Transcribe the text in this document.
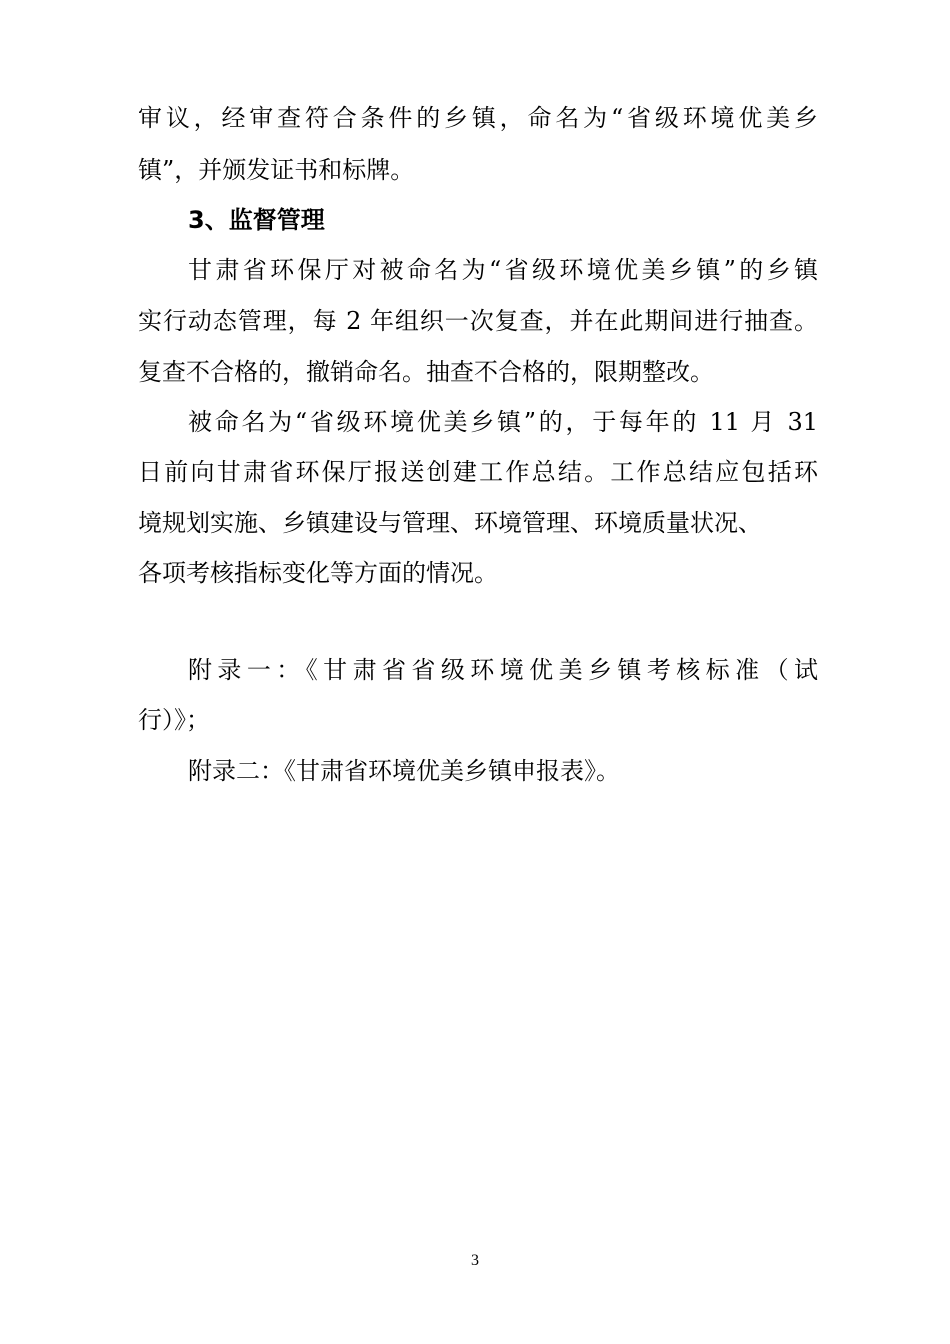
审议，经审查符合条件的乡镇，命名为“省级环境优美乡
镇”，并颁发证书和标牌。
3、监督管理
甘肃省环保厅对被命名为“省级环境优美乡镇”的乡镇
实行动态管理，每 2 年组织一次复查，并在此期间进行抽查。
复查不合格的，撤销命名。抽查不合格的，限期整改。
被命名为“省级环境优美乡镇”的，于每年的 11 月 31
日前向甘肃省环保厅报送创建工作总结。工作总结应包括环
境规划实施、乡镇建设与管理、环境管理、环境质量状况、
各项考核指标变化等方面的情况。
附录一：《甘肃省省级环境优美乡镇考核标准（试
行）》；
附录二：《甘肃省环境优美乡镇申报表》。
3
